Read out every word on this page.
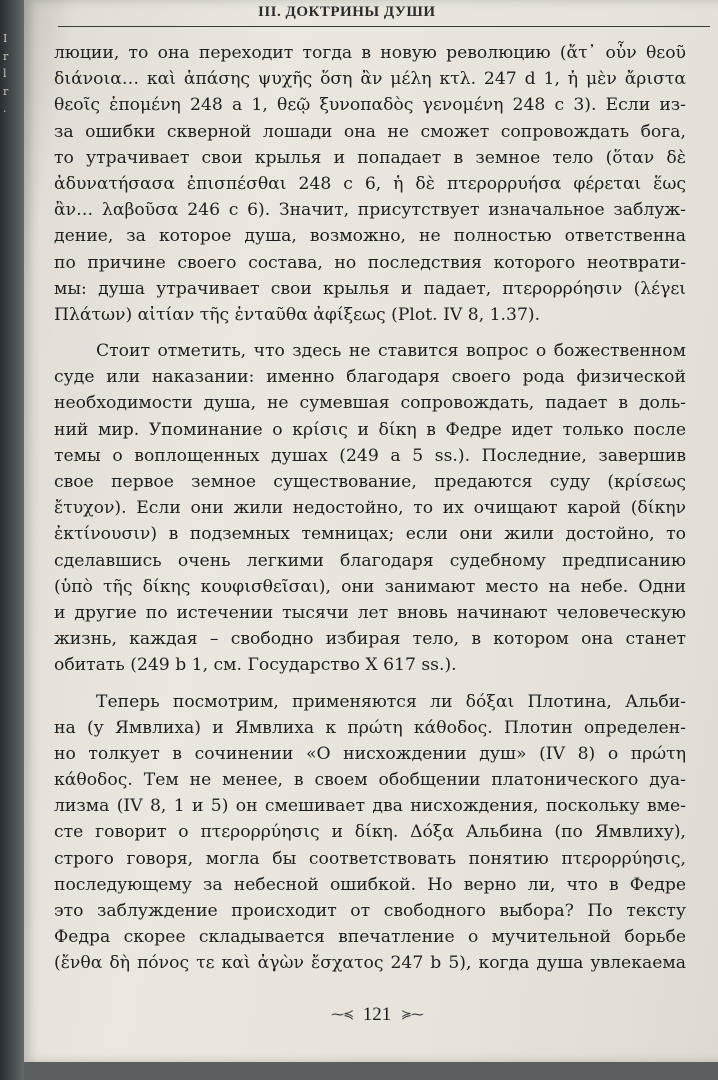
I
r
l
r
.
III. ДОКТРИНЫ ДУШИ
люции, то она переходит тогда в новую революцию (ἄτ᾽ οὖν θεοῦ
διάνοια… καὶ ἁπάσης ψυχῆς ὅση ἂν μέλη κτλ. 247 d 1, ἡ μὲν ἄριστα
θεοῖς ἑπομένη 248 a 1, θεῷ ξυνοπαδὸς γενομένη 248 c 3). Если из-
за ошибки скверной лошади она не сможет сопровождать бога,
то утрачивает свои крылья и попадает в земное тело (ὅταν δὲ
ἀδυνατήσασα ἐπισπέσθαι 248 c 6, ἡ δὲ πτερορρυήσα φέρεται ἕως
ἂν… λαβοῦσα 246 c 6). Значит, присутствует изначальное заблуж-
дение, за которое душа, возможно, не полностью ответственна
по причине своего состава, но последствия которого неотврати-
мы: душа утрачивает свои крылья и падает, πτερορρόησιν (λέγει
Πλάτων) αἰτίαν τῆς ἐνταῦθα ἀφίξεως (Plot. IV 8, 1.37).
Стоит отметить, что здесь не ставится вопрос о божественном
суде или наказании: именно благодаря своего рода физической
необходимости душа, не сумевшая сопровождать, падает в доль-
ний мир. Упоминание о κρίσις и δίκη в Федре идет только после
темы о воплощенных душах (249 a 5 ss.). Последние, завершив
свое первое земное существование, предаются суду (κρίσεως
ἔτυχον). Если они жили недостойно, то их очищают карой (δίκην
ἐκτίνουσιν) в подземных темницах; если они жили достойно, то
сделавшись очень легкими благодаря судебному предписанию
(ὑπὸ τῆς δίκης κουφισθεῖσαι), они занимают место на небе. Одни
и другие по истечении тысячи лет вновь начинают человеческую
жизнь, каждая – свободно избирая тело, в котором она станет
обитать (249 b 1, см. Государство X 617 ss.).
Теперь посмотрим, применяются ли δόξαι Плотина, Альби-
на (у Ямвлиха) и Ямвлиха к πρώτη κάθοδος. Плотин определен-
но толкует в сочинении «О нисхождении душ» (IV 8) о πρώτη
κάθοδος. Тем не менее, в своем обобщении платонического дуа-
лизма (IV 8, 1 и 5) он смешивает два нисхождения, поскольку вме-
сте говорит о πτερορρύησις и δίκη. Δόξα Альбина (по Ямвлиху),
строго говоря, могла бы соответствовать понятию πτερορρύησις,
последующему за небесной ошибкой. Но верно ли, что в Федре
это заблуждение происходит от свободного выбора? По тексту
Федра скорее складывается впечатление о мучительной борьбе
(ἔνθα δὴ πόνος τε καὶ ἀγὼν ἔσχατος 247 b 5), когда душа увлекаема
⁓≼ 121 ≽⁓
